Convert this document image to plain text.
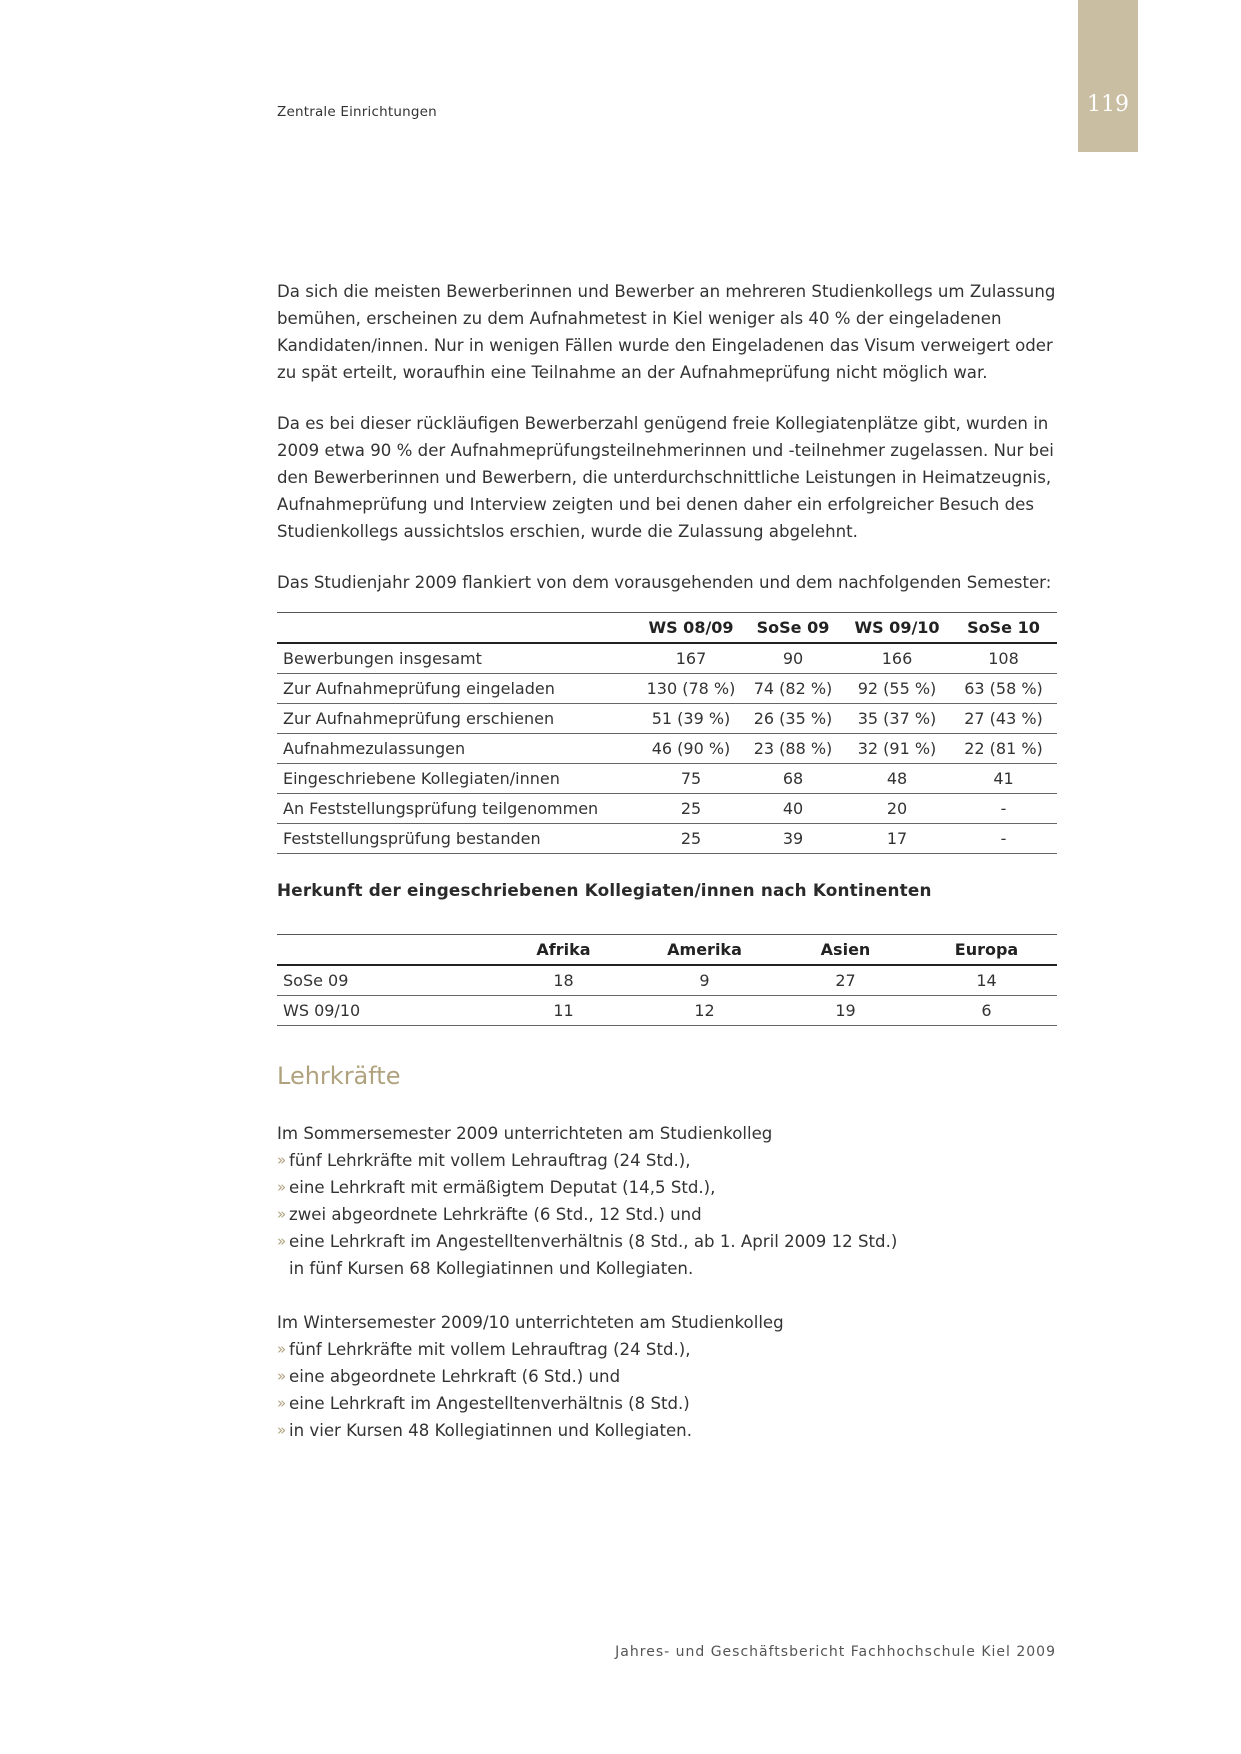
119
Zentrale Einrichtungen

Da sich die meisten Bewerberinnen und Bewerber an mehreren Studienkollegs um Zulassung bemühen, erscheinen zu dem Aufnahmetest in Kiel weniger als 40 % der eingeladenen Kandidaten/innen. Nur in wenigen Fällen wurde den Eingeladenen das Visum verweigert oder zu spät erteilt, woraufhin eine Teilnahme an der Aufnahmeprüfung nicht möglich war.

Da es bei dieser rückläufigen Bewerberzahl genügend freie Kollegiatenplätze gibt, wurden in 2009 etwa 90 % der Aufnahmeprüfungsteilnehmerinnen und -teilnehmer zugelassen. Nur bei den Bewerberinnen und Bewerbern, die unterdurchschnittliche Leistungen in Heimatzeugnis, Aufnahmeprüfung und Interview zeigten und bei denen daher ein erfolgreicher Besuch des Studienkollegs aussichtslos erschien, wurde die Zulassung abgelehnt.

Das Studienjahr 2009 flankiert von dem vorausgehenden und dem nachfolgenden Semester:

	WS 08/09	SoSe 09	WS 09/10	SoSe 10
Bewerbungen insgesamt	167	90	166	108
Zur Aufnahmeprüfung eingeladen	130 (78 %)	74 (82 %)	92 (55 %)	63 (58 %)
Zur Aufnahmeprüfung erschienen	51 (39 %)	26 (35 %)	35 (37 %)	27 (43 %)
Aufnahmezulassungen	46 (90 %)	23 (88 %)	32 (91 %)	22 (81 %)
Eingeschriebene Kollegiaten/innen	75	68	48	41
An Feststellungsprüfung teilgenommen	25	40	20	-
Feststellungsprüfung bestanden	25	39	17	-

Herkunft der eingeschriebenen Kollegiaten/innen nach Kontinenten

	Afrika	Amerika	Asien	Europa
SoSe 09	18	9	27	14
WS 09/10	11	12	19	6
Lehrkräfte
Im Sommersemester 2009 unterrichteten am Studienkolleg
» fünf Lehrkräfte mit vollem Lehrauftrag (24 Std.),
» eine Lehrkraft mit ermäßigtem Deputat (14,5 Std.),
» zwei abgeordnete Lehrkräfte (6 Std., 12 Std.) und
» eine Lehrkraft im Angestelltenverhältnis (8 Std., ab 1. April 2009 12 Std.)
in fünf Kursen 68 Kollegiatinnen und Kollegiaten.
Im Wintersemester 2009/10 unterrichteten am Studienkolleg
» fünf Lehrkräfte mit vollem Lehrauftrag (24 Std.),
» eine abgeordnete Lehrkraft (6 Std.) und
» eine Lehrkraft im Angestelltenverhältnis (8 Std.)
» in vier Kursen 48 Kollegiatinnen und Kollegiaten.
Jahres- und Geschäftsbericht Fachhochschule Kiel 2009
